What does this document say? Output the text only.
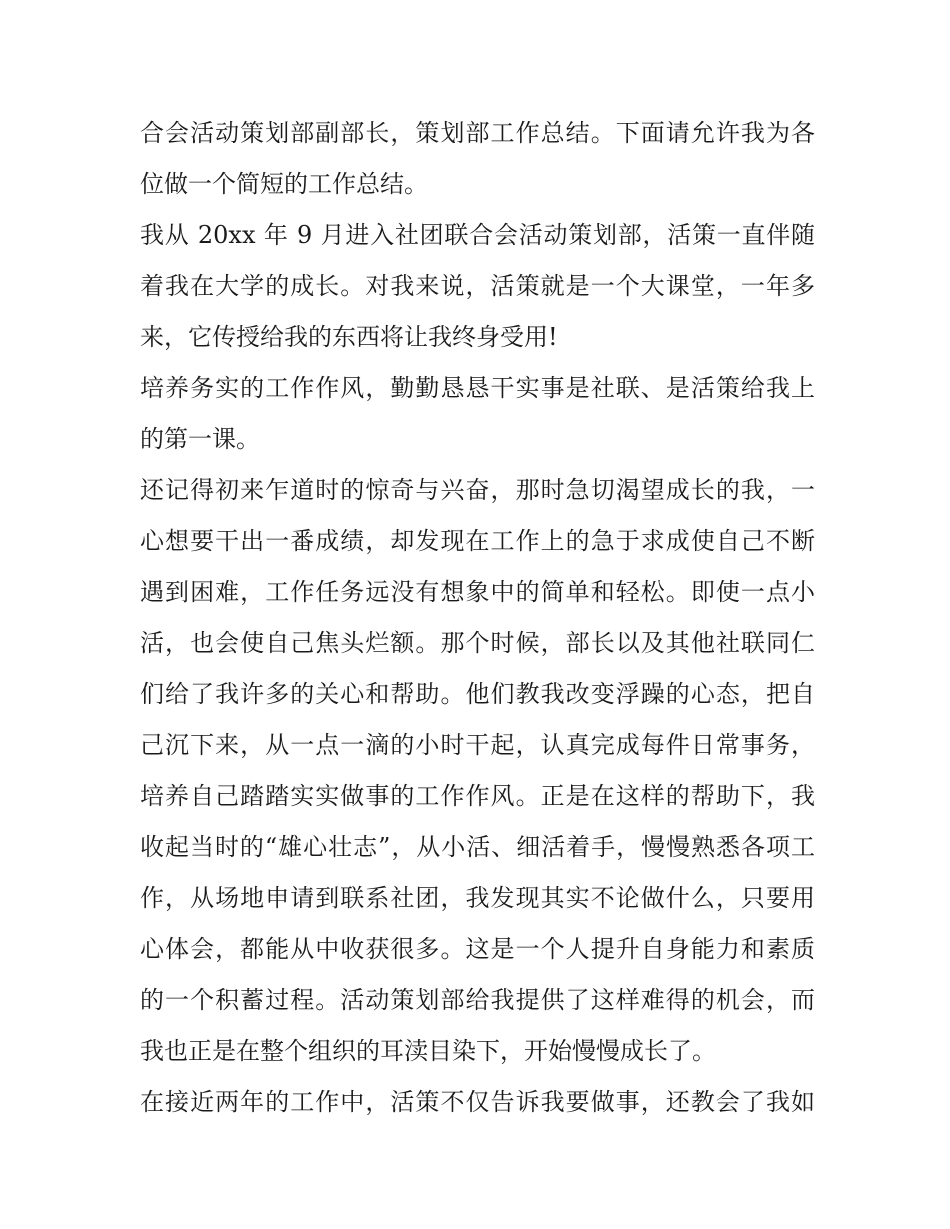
合会活动策划部副部长，策划部工作总结。下面请允许我为各
位做一个简短的工作总结。
我从 20xx 年 9 月进入社团联合会活动策划部，活策一直伴随
着我在大学的成长。对我来说，活策就是一个大课堂，一年多
来，它传授给我的东西将让我终身受用!
培养务实的工作作风，勤勤恳恳干实事是社联、是活策给我上
的第一课。
还记得初来乍道时的惊奇与兴奋，那时急切渴望成长的我，一
心想要干出一番成绩，却发现在工作上的急于求成使自己不断
遇到困难，工作任务远没有想象中的简单和轻松。即使一点小
活，也会使自己焦头烂额。那个时候，部长以及其他社联同仁
们给了我许多的关心和帮助。他们教我改变浮躁的心态，把自
己沉下来，从一点一滴的小时干起，认真完成每件日常事务，
培养自己踏踏实实做事的工作作风。正是在这样的帮助下，我
收起当时的“雄心壮志”，从小活、细活着手，慢慢熟悉各项工
作，从场地申请到联系社团，我发现其实不论做什么，只要用
心体会，都能从中收获很多。这是一个人提升自身能力和素质
的一个积蓄过程。活动策划部给我提供了这样难得的机会，而
我也正是在整个组织的耳渎目染下，开始慢慢成长了。
在接近两年的工作中，活策不仅告诉我要做事，还教会了我如
